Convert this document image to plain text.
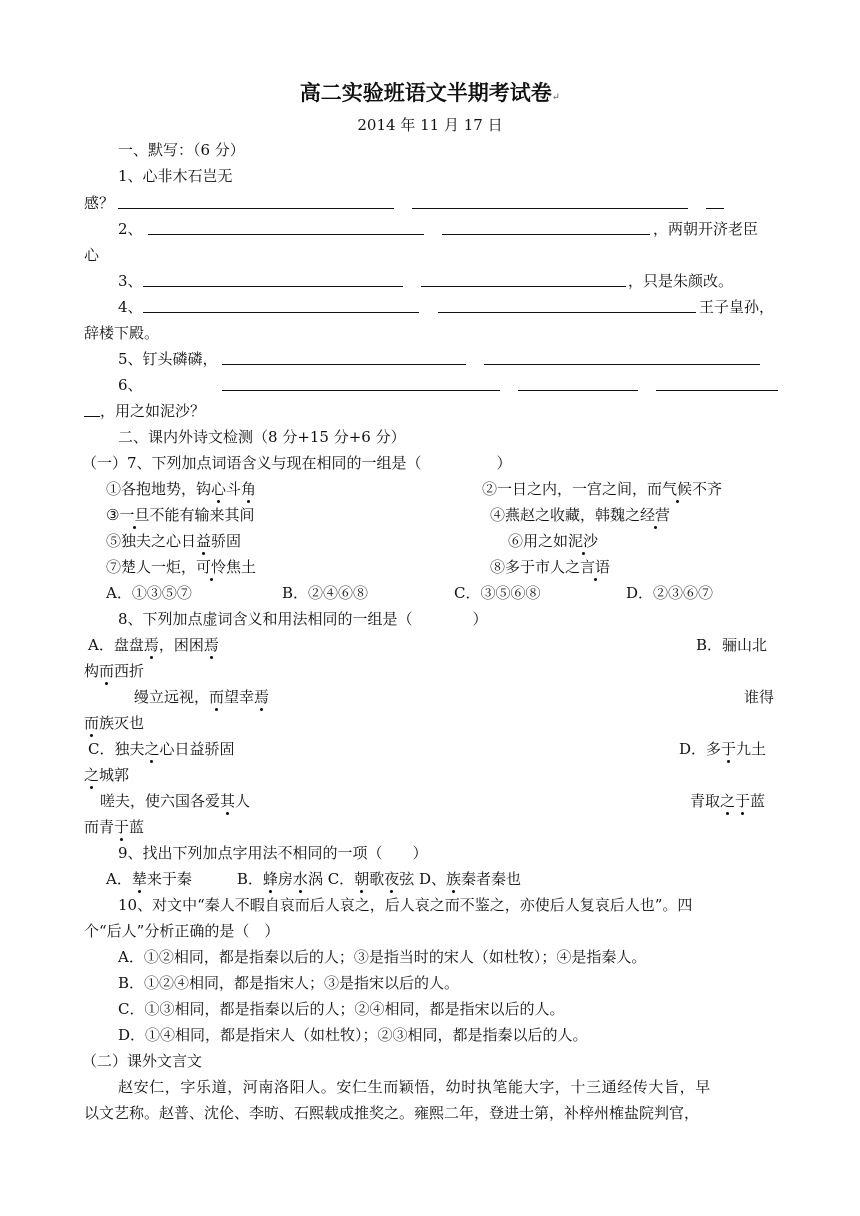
高二实验班语文半期考试卷↵
2014 年 11 月 17 日
一、默写：（6 分）
1、心非木石岂无
感？
2、	，两朝开济老臣
心
3、	，只是朱颜改。
4、	王子皇孙，
辞楼下殿。
5、钉头磷磷，
6、
，用之如泥沙？
二、课内外诗文检测（8 分+15 分+6 分）
（一）7、下列加点词语含义与现在相同的一组是（　　　　　）
①各抱地势，钩心斗角	②一日之内，一宫之间，而气候不齐
③一旦不能有输来其间	④燕赵之收藏，韩魏之经营
⑤独夫之心日益骄固	⑥用之如泥沙
⑦楚人一炬，可怜焦土	⑧多于市人之言语
A．①③⑤⑦	B．②④⑥⑧	C．③⑤⑥⑧	D．②③⑥⑦
8、下列加点虚词含义和用法相同的一组是（　　　　）
A．盘盘焉，困困焉	B．骊山北
构而西折
缦立远视，而望幸焉	谁得
而族灭也
C．独夫之心日益骄固	D．多于九土
之城郭
嗟夫，使六国各爱其人	青取之于蓝
而青于蓝
9、找出下列加点字用法不相同的一项（　　）
A．辇来于秦　　　B．蜂房水涡 C．朝歌夜弦 D、族秦者秦也
10、对文中“秦人不暇自哀而后人哀之，后人哀之而不鉴之，亦使后人复哀后人也”。四
个“后人”分析正确的是（　）
A．①②相同，都是指秦以后的人；③是指当时的宋人（如杜牧）；④是指秦人。
B．①②④相同，都是指宋人；③是指宋以后的人。
C．①③相同，都是指秦以后的人；②④相同，都是指宋以后的人。
D．①④相同，都是指宋人（如杜牧）；②③相同，都是指秦以后的人。
（二）课外文言文
赵安仁，字乐道，河南洛阳人。安仁生而颖悟，幼时执笔能大字，十三通经传大旨，早
以文艺称。赵普、沈伦、李昉、石熙载成推奖之。雍熙二年，登进士第，补梓州榷盐院判官，
